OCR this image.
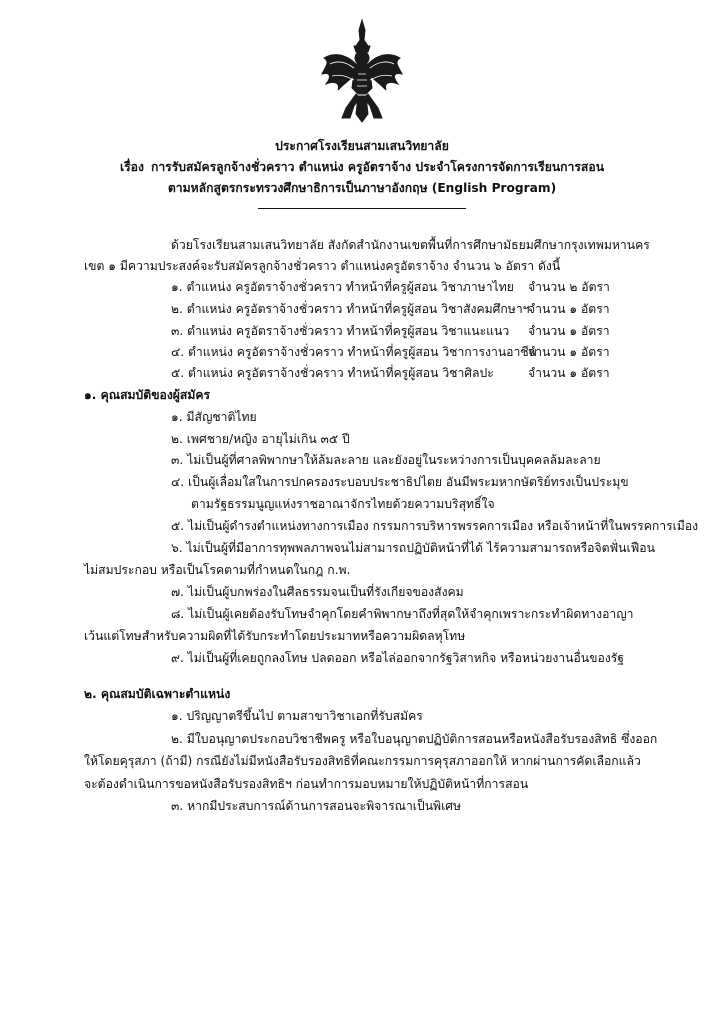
ประกาศโรงเรียนสามเสนวิทยาลัย
เรื่อง การรับสมัครลูกจ้างชั่วคราว ตำแหน่ง ครูอัตราจ้าง ประจำโครงการจัดการเรียนการสอน
ตามหลักสูตรกระทรวงศึกษาธิการเป็นภาษาอังกฤษ (English Program)
ด้วยโรงเรียนสามเสนวิทยาลัย สังกัดสำนักงานเขตพื้นที่การศึกษามัธยมศึกษากรุงเทพมหานคร
เขต ๑ มีความประสงค์จะรับสมัครลูกจ้างชั่วคราว ตำแหน่งครูอัตราจ้าง จำนวน ๖ อัตรา ดังนี้
๑. ตำแหน่ง ครูอัตราจ้างชั่วคราว ทำหน้าที่ครูผู้สอน วิชาภาษาไทย จำนวน ๒ อัตรา
๒. ตำแหน่ง ครูอัตราจ้างชั่วคราว ทำหน้าที่ครูผู้สอน วิชาสังคมศึกษาฯ
จำนวน ๑ อัตรา
๓. ตำแหน่ง ครูอัตราจ้างชั่วคราว ทำหน้าที่ครูผู้สอน วิชาแนะแนว จำนวน ๑ อัตรา
๔. ตำแหน่ง ครูอัตราจ้างชั่วคราว ทำหน้าที่ครูผู้สอน วิชาการงานอาชีพ
จำนวน ๑ อัตรา
๕. ตำแหน่ง ครูอัตราจ้างชั่วคราว ทำหน้าที่ครูผู้สอน วิชาศิลปะ	จำนวน ๑ อัตรา
๑. คุณสมบัติของผู้สมัคร
๑. มีสัญชาติไทย
๒. เพศชาย/หญิง อายุไม่เกิน ๓๕ ปี
๓. ไม่เป็นผู้ที่ศาลพิพากษาให้ล้มละลาย และยังอยู่ในระหว่างการเป็นบุคคลล้มละลาย
๔. เป็นผู้เลื่อมใสในการปกครองระบอบประชาธิปไตย อันมีพระมหากษัตริย์ทรงเป็นประมุข
ตามรัฐธรรมนูญแห่งราชอาณาจักรไทยด้วยความบริสุทธิ์ใจ
๕. ไม่เป็นผู้ดำรงตำแหน่งทางการเมือง กรรมการบริหารพรรคการเมือง หรือเจ้าหน้าที่ในพรรคการเมือง
๖. ไม่เป็นผู้ที่มีอาการทุพพลภาพจนไม่สามารถปฏิบัติหน้าที่ได้ ไร้ความสามารถหรือจิตฟั่นเฟือน
ไม่สมประกอบ หรือเป็นโรคตามที่กำหนดในกฎ ก.พ.
๗. ไม่เป็นผู้บกพร่องในศีลธรรมจนเป็นที่รังเกียจของสังคม
๘. ไม่เป็นผู้เคยต้องรับโทษจำคุกโดยคำพิพากษาถึงที่สุดให้จำคุกเพราะกระทำผิดทางอาญา
เว้นแต่โทษสำหรับความผิดที่ได้รับกระทำโดยประมาทหรือความผิดลหุโทษ
๙. ไม่เป็นผู้ที่เคยถูกลงโทษ ปลดออก หรือไล่ออกจากรัฐวิสาหกิจ หรือหน่วยงานอื่นของรัฐ
๒. คุณสมบัติเฉพาะตำแหน่ง
๑. ปริญญาตรีขึ้นไป ตามสาขาวิชาเอกที่รับสมัคร
๒. มีใบอนุญาตประกอบวิชาชีพครู หรือใบอนุญาตปฏิบัติการสอนหรือหนังสือรับรองสิทธิ ซึ่งออก
ให้โดยคุรุสภา (ถ้ามี) กรณียังไม่มีหนังสือรับรองสิทธิที่คณะกรรมการคุรุสภาออกให้ หากผ่านการคัดเลือกแล้ว
จะต้องดำเนินการขอหนังสือรับรองสิทธิฯ ก่อนทำการมอบหมายให้ปฏิบัติหน้าที่การสอน
๓. หากมีประสบการณ์ด้านการสอนจะพิจารณาเป็นพิเศษ
